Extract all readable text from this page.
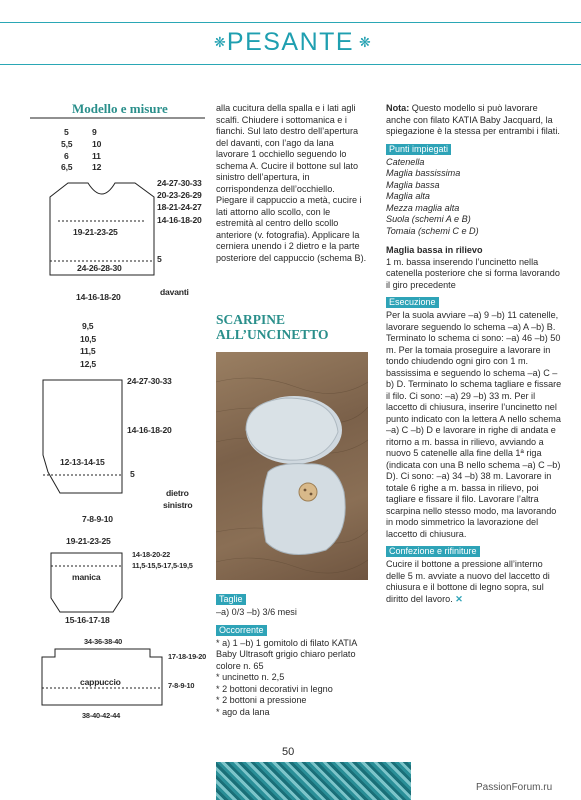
❋ PESANTE ❋
Modello e misure
5	9
5,5 10
6	11
6,5 12
24-27-30-33
20-23-26-29
18-21-24-27
14-16-18-20
19-21-23-25
24-26-28-30
5
14-16-18-20	davanti
9,5
10,5
11,5
12,5
24-27-30-33
14-16-18-20
12-13-14-15
5
7-8-9-10
dietro
sinistro
19-21-23-25
14-18-20-22
11,5-15,5-17,5-19,5
manica
15-16-17-18
34-36-38-40
17-18-19-20
7-8-9-10
cappuccio
38-40-42-44

alla cucitura della spalla e i lati agli scalfi. Chiudere i sottomanica e i fianchi. Sul lato destro dell’apertura del davanti, con l’ago da lana lavorare 1 occhiello seguendo lo schema A. Cucire il bottone sul lato sinistro dell’apertura, in corrispondenza dell’occhiello. Piegare il cappuccio a metà, cucire i lati attorno allo scollo, con le estremità al centro dello scollo anteriore (v. fotografia). Applicare la cerniera unendo i 2 dietro e la parte posteriore del cappuccio (schema B).

SCARPINE ALL’UNCINETTO
Taglie

–a) 0/3 –b) 3/6 mesi

Occorrente

* a) 1 –b) 1 gomitolo di filato KATIA Baby Ultrasoft grigio chiaro perlato colore n. 65

* uncinetto n. 2,5

* 2 bottoni decorativi in legno

* 2 bottoni a pressione

* ago da lana

Nota: Questo modello si può lavorare anche con filato KATIA Baby Jacquard, la spiegazione è la stessa per entrambi i filati.

Punti impiegati

Catenella

Maglia bassissima

Maglia bassa

Maglia alta

Mezza maglia alta

Suola (schemi A e B)

Tomaia (schemi C e D)

Maglia bassa in rilievo

1 m. bassa inserendo l’uncinetto nella catenella posteriore che si forma lavorando il giro precedente

Esecuzione

Per la suola avviare –a) 9 –b) 11 catenelle, lavorare seguendo lo schema –a) A –b) B. Terminato lo schema ci sono: –a) 46 –b) 50 m. Per la tomaia proseguire a lavorare in tondo chiudendo ogni giro con 1 m. bassissima e seguendo lo schema –a) C –b) D. Terminato lo schema tagliare e fissare il filo. Ci sono: –a) 29 –b) 33 m. Per il laccetto di chiusura, inserire l’uncinetto nel punto indicato con la lettera A nello schema –a) C –b) D e lavorare in righe di andata e ritorno a m. bassa in rilievo, avviando a nuovo 5 catenelle alla fine della 1ª riga (indicata con una B nello schema –a) C –b) D). Ci sono: –a) 34 –b) 38 m. Lavorare in totale 6 righe a m. bassa in rilievo, poi tagliare e fissare il filo. Lavorare l’altra scarpina nello stesso modo, ma lavorando in modo simmetrico la lavorazione del laccetto di chiusura.

Confezione e rifiniture

Cucire il bottone a pressione all’interno delle 5 m. avviate a nuovo del laccetto di chiusura e il bottone di legno sopra, sul diritto del lavoro. ✕

50
PassionForum.ru
